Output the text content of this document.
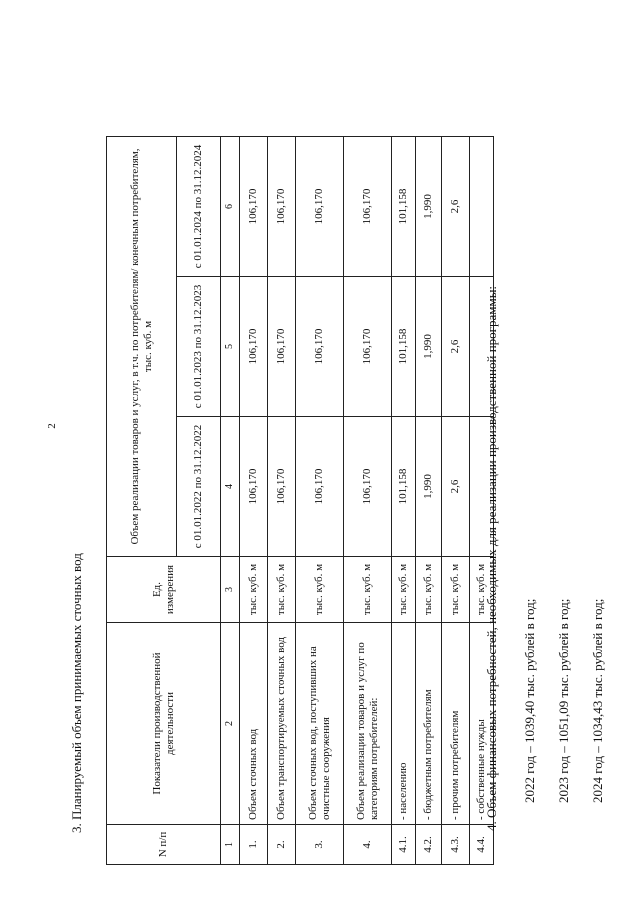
2
3. Планируемый объем принимаемых сточных вод
N п/п	Показатели производственной деятельности	Ед. измерения	Объем реализации товаров и услуг, в т.ч. по потребителям/ конечным потребителям, тыс. куб. м		
			с 01.01.2022 по 31.12.2022	с 01.01.2023 по 31.12.2023	с 01.01.2024 по 31.12.2024
1	2	3	4	5	6
1.	Объем сточных вод	тыс. куб. м	106,170	106,170	106,170
2.	Объем транспортируемых сточных вод	тыс. куб. м	106,170	106,170	106,170
3.	Объем сточных вод, поступивших на очистные сооружения	тыс. куб. м	106,170	106,170	106,170
4.	Объем реализации товаров и услуг по категориям потребителей:	тыс. куб. м	106,170	106,170	106,170
4.1.	- населению	тыс. куб. м	101,158	101,158	101,158
4.2.	- бюджетным потребителям	тыс. куб. м	1,990	1,990	1,990
4.3.	- прочим потребителям	тыс. куб. м	2,6	2,6	2,6
4.4.	- собственные нужды	тыс. куб. м			
4. Объем финансовых потребностей, необходимых для реализации производственной программы: 2022 год – 1039,40 тыс. рублей в год; 2023 год – 1051,09 тыс. рублей в год; 2024 год – 1034,43 тыс. рублей в год;
